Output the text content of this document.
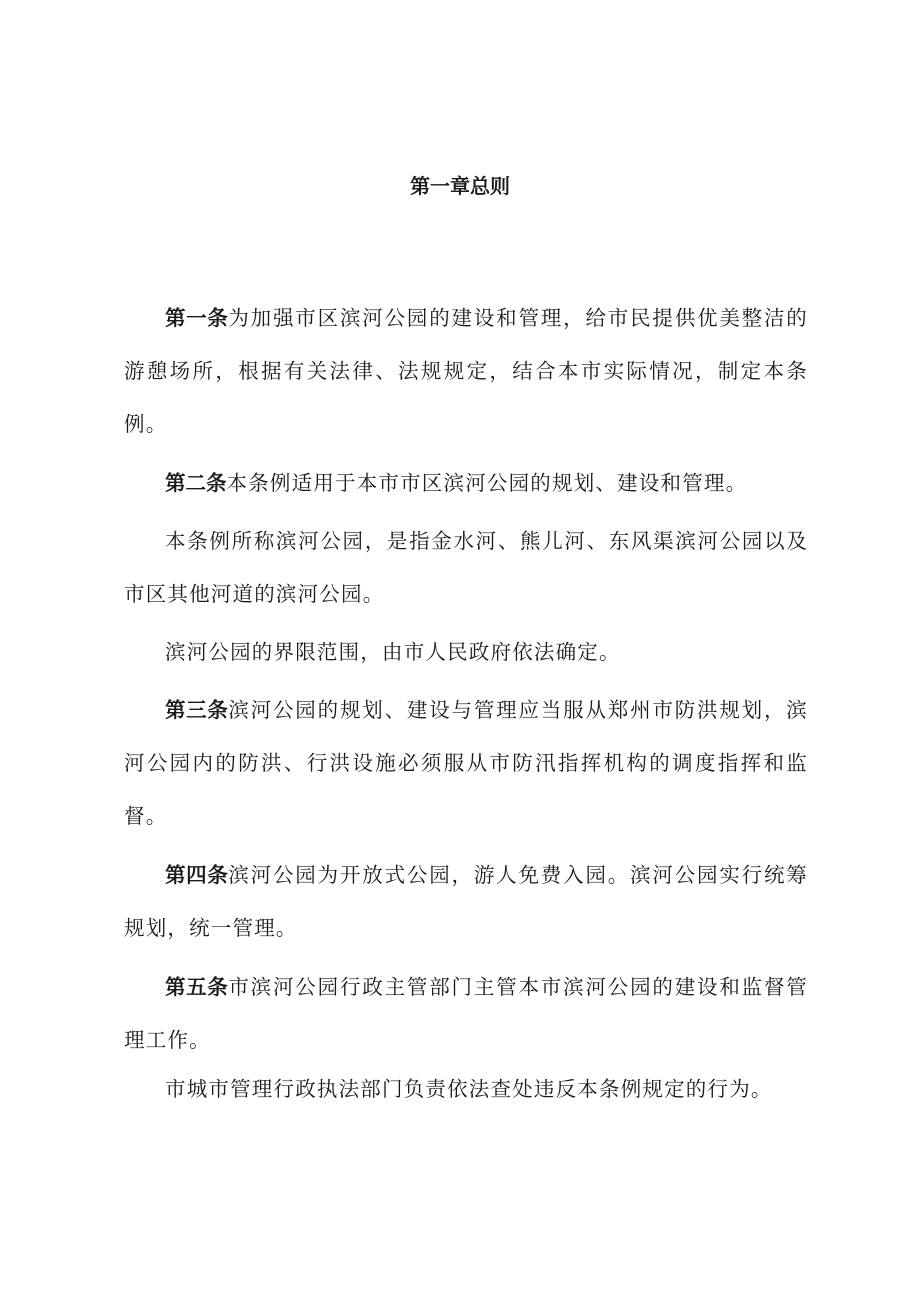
第一章总则

第一条为加强市区滨河公园的建设和管理，给市民提供优美整洁的游憩场所，根据有关法律、法规规定，结合本市实际情况，制定本条例。

第二条本条例适用于本市市区滨河公园的规划、建设和管理。

本条例所称滨河公园，是指金水河、熊儿河、东风渠滨河公园以及市区其他河道的滨河公园。

滨河公园的界限范围，由市人民政府依法确定。

第三条滨河公园的规划、建设与管理应当服从郑州市防洪规划，滨河公园内的防洪、行洪设施必须服从市防汛指挥机构的调度指挥和监督。

第四条滨河公园为开放式公园，游人免费入园。滨河公园实行统筹规划，统一管理。

第五条市滨河公园行政主管部门主管本市滨河公园的建设和监督管理工作。

市城市管理行政执法部门负责依法查处违反本条例规定的行为。
